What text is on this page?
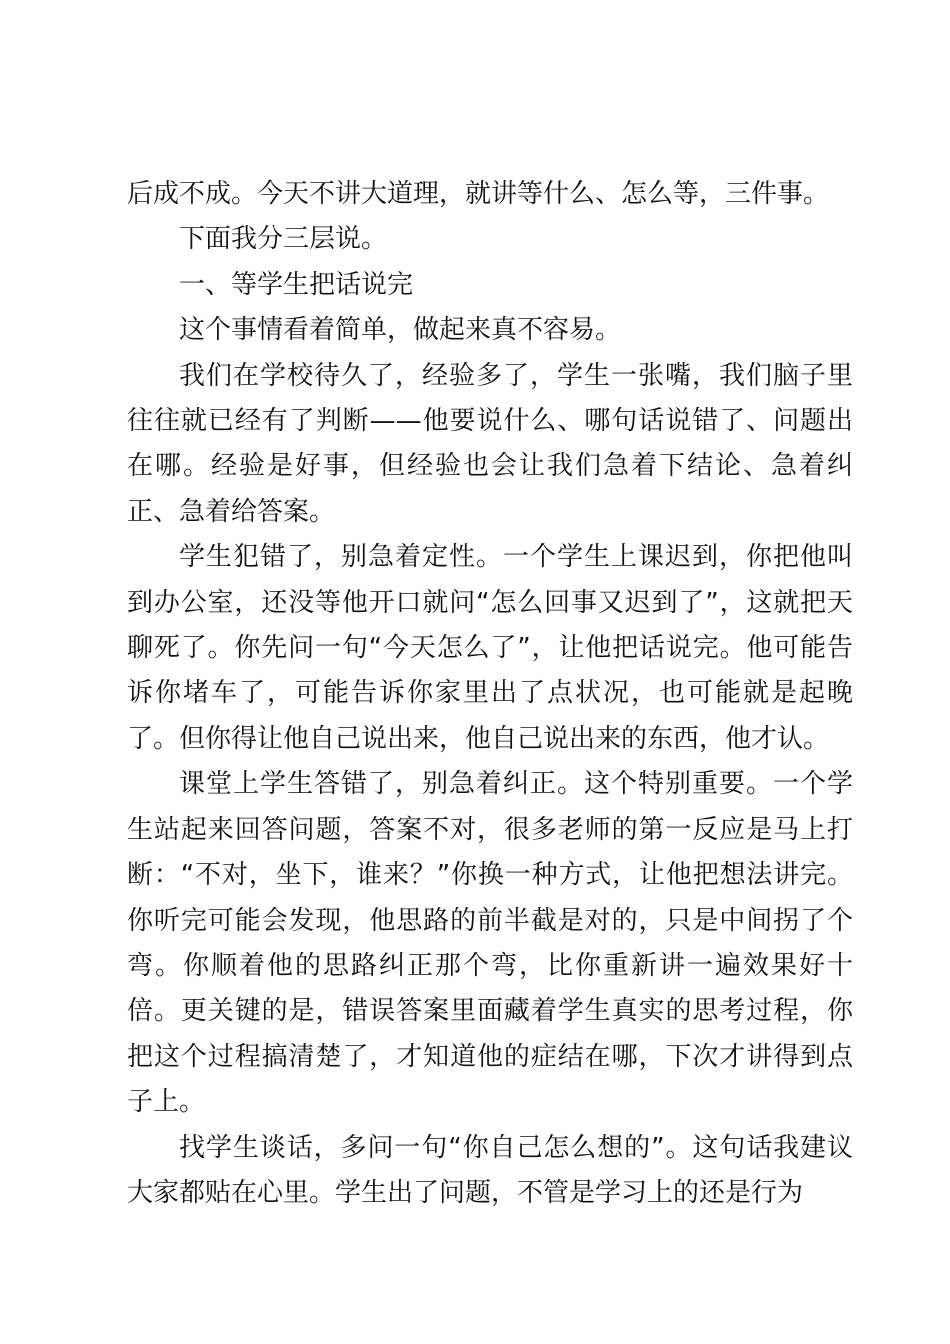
后成不成。今天不讲大道理，就讲等什么、怎么等，三件事。

下面我分三层说。

一、等学生把话说完

这个事情看着简单，做起来真不容易。

我们在学校待久了，经验多了，学生一张嘴，我们脑子里往往就已经有了判断——他要说什么、哪句话说错了、问题出在哪。经验是好事，但经验也会让我们急着下结论、急着纠正、急着给答案。

学生犯错了，别急着定性。一个学生上课迟到，你把他叫到办公室，还没等他开口就问“怎么回事又迟到了”，这就把天聊死了。你先问一句“今天怎么了”，让他把话说完。他可能告诉你堵车了，可能告诉你家里出了点状况，也可能就是起晚了。但你得让他自己说出来，他自己说出来的东西，他才认。

课堂上学生答错了，别急着纠正。这个特别重要。一个学生站起来回答问题，答案不对，很多老师的第一反应是马上打断：“不对，坐下，谁来？”你换一种方式，让他把想法讲完。你听完可能会发现，他思路的前半截是对的，只是中间拐了个弯。你顺着他的思路纠正那个弯，比你重新讲一遍效果好十倍。更关键的是，错误答案里面藏着学生真实的思考过程，你把这个过程搞清楚了，才知道他的症结在哪，下次才讲得到点子上。

找学生谈话，多问一句“你自己怎么想的”。这句话我建议大家都贴在心里。学生出了问题，不管是学习上的还是行为
